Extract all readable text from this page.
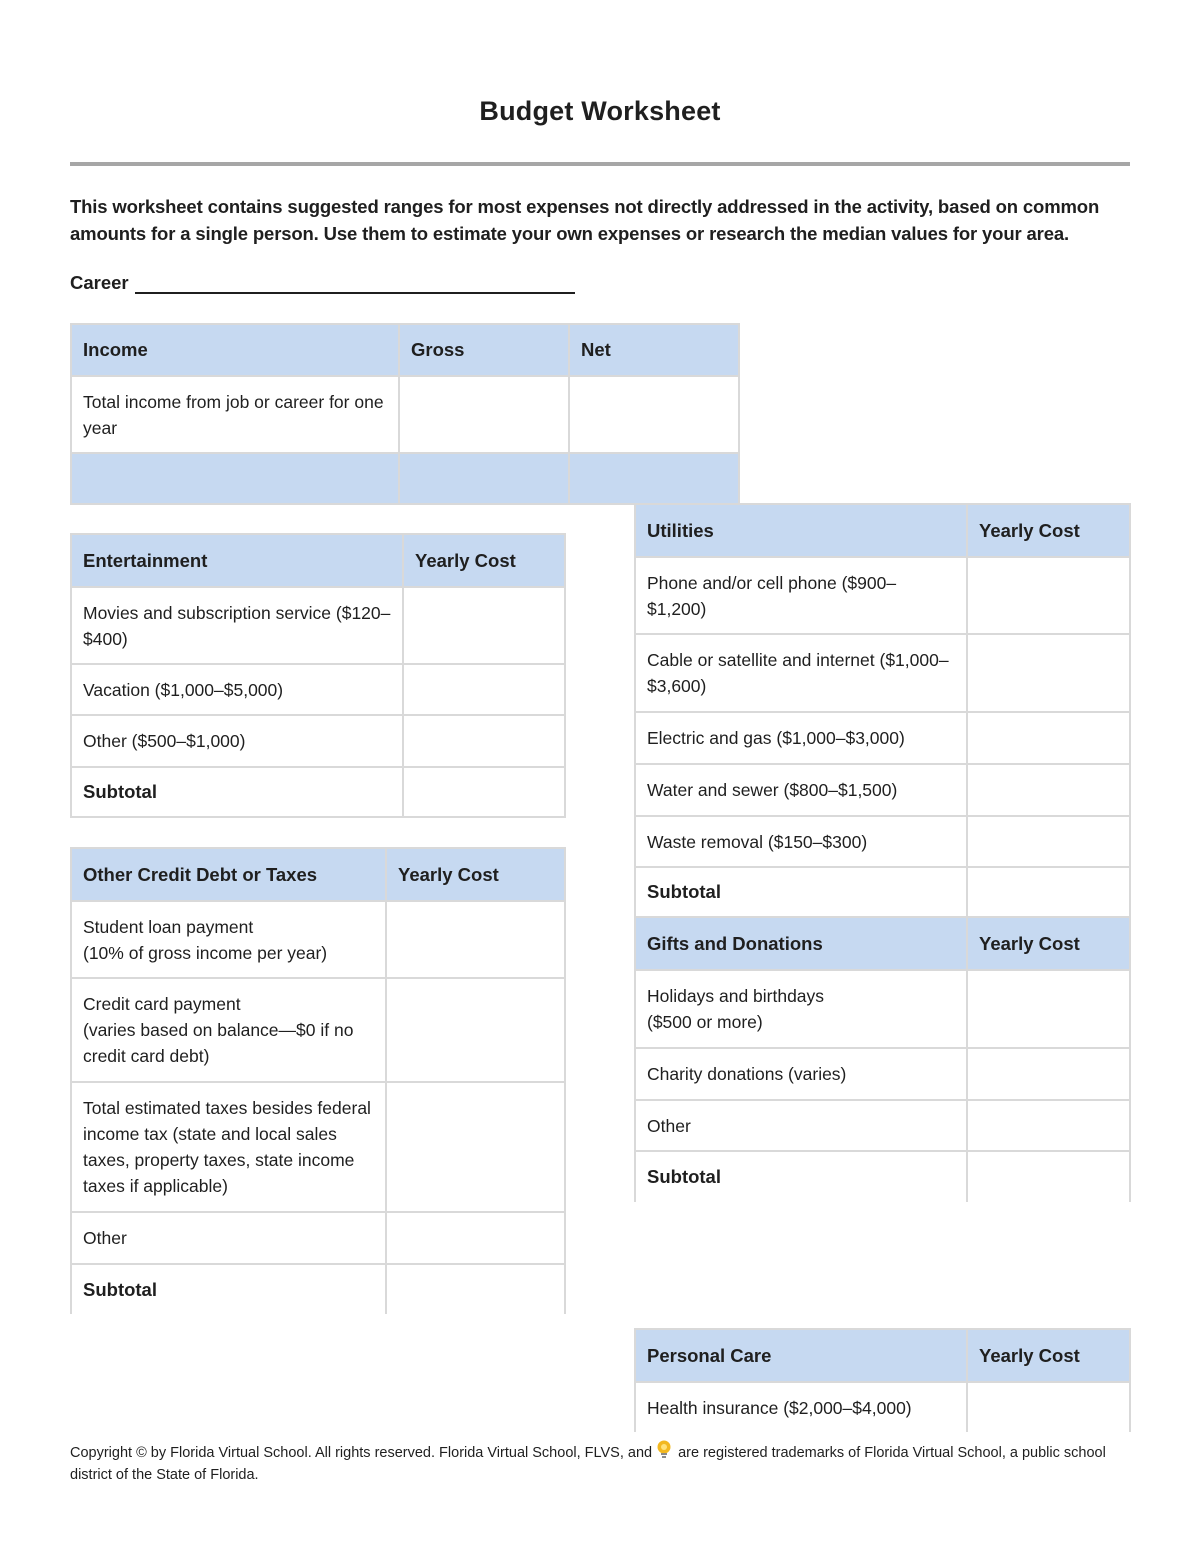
Budget Worksheet
This worksheet contains suggested ranges for most expenses not directly addressed in the activity, based on common amounts for a single person. Use them to estimate your own expenses or research the median values for your area.
Career
Income	Gross	Net
Total income from job or career for one year		

Entertainment	Yearly Cost
Movies and subscription service ($120–$400)	
Vacation ($1,000–$5,000)	
Other ($500–$1,000)	
Subtotal	
Other Credit Debt or Taxes	Yearly Cost
Student loan payment
(10% of gross income per year)	
Credit card payment
(varies based on balance—$0 if no credit card debt)	
Total estimated taxes besides federal income tax (state and local sales taxes, property taxes, state income taxes if applicable)	
Other	
Subtotal	
Utilities	Yearly Cost
Phone and/or cell phone ($900–$1,200)	
Cable or satellite and internet ($1,000–$3,600)	
Electric and gas ($1,000–$3,000)	
Water and sewer ($800–$1,500)	
Waste removal ($150–$300)	
Subtotal	
Gifts and Donations	Yearly Cost
Holidays and birthdays
($500 or more)	
Charity donations (varies)	
Other	
Subtotal	
Personal Care	Yearly Cost
Health insurance ($2,000–$4,000)	
Copyright © by Florida Virtual School. All rights reserved. Florida Virtual School, FLVS, and are registered trademarks of Florida Virtual School, a public school district of the State of Florida.
